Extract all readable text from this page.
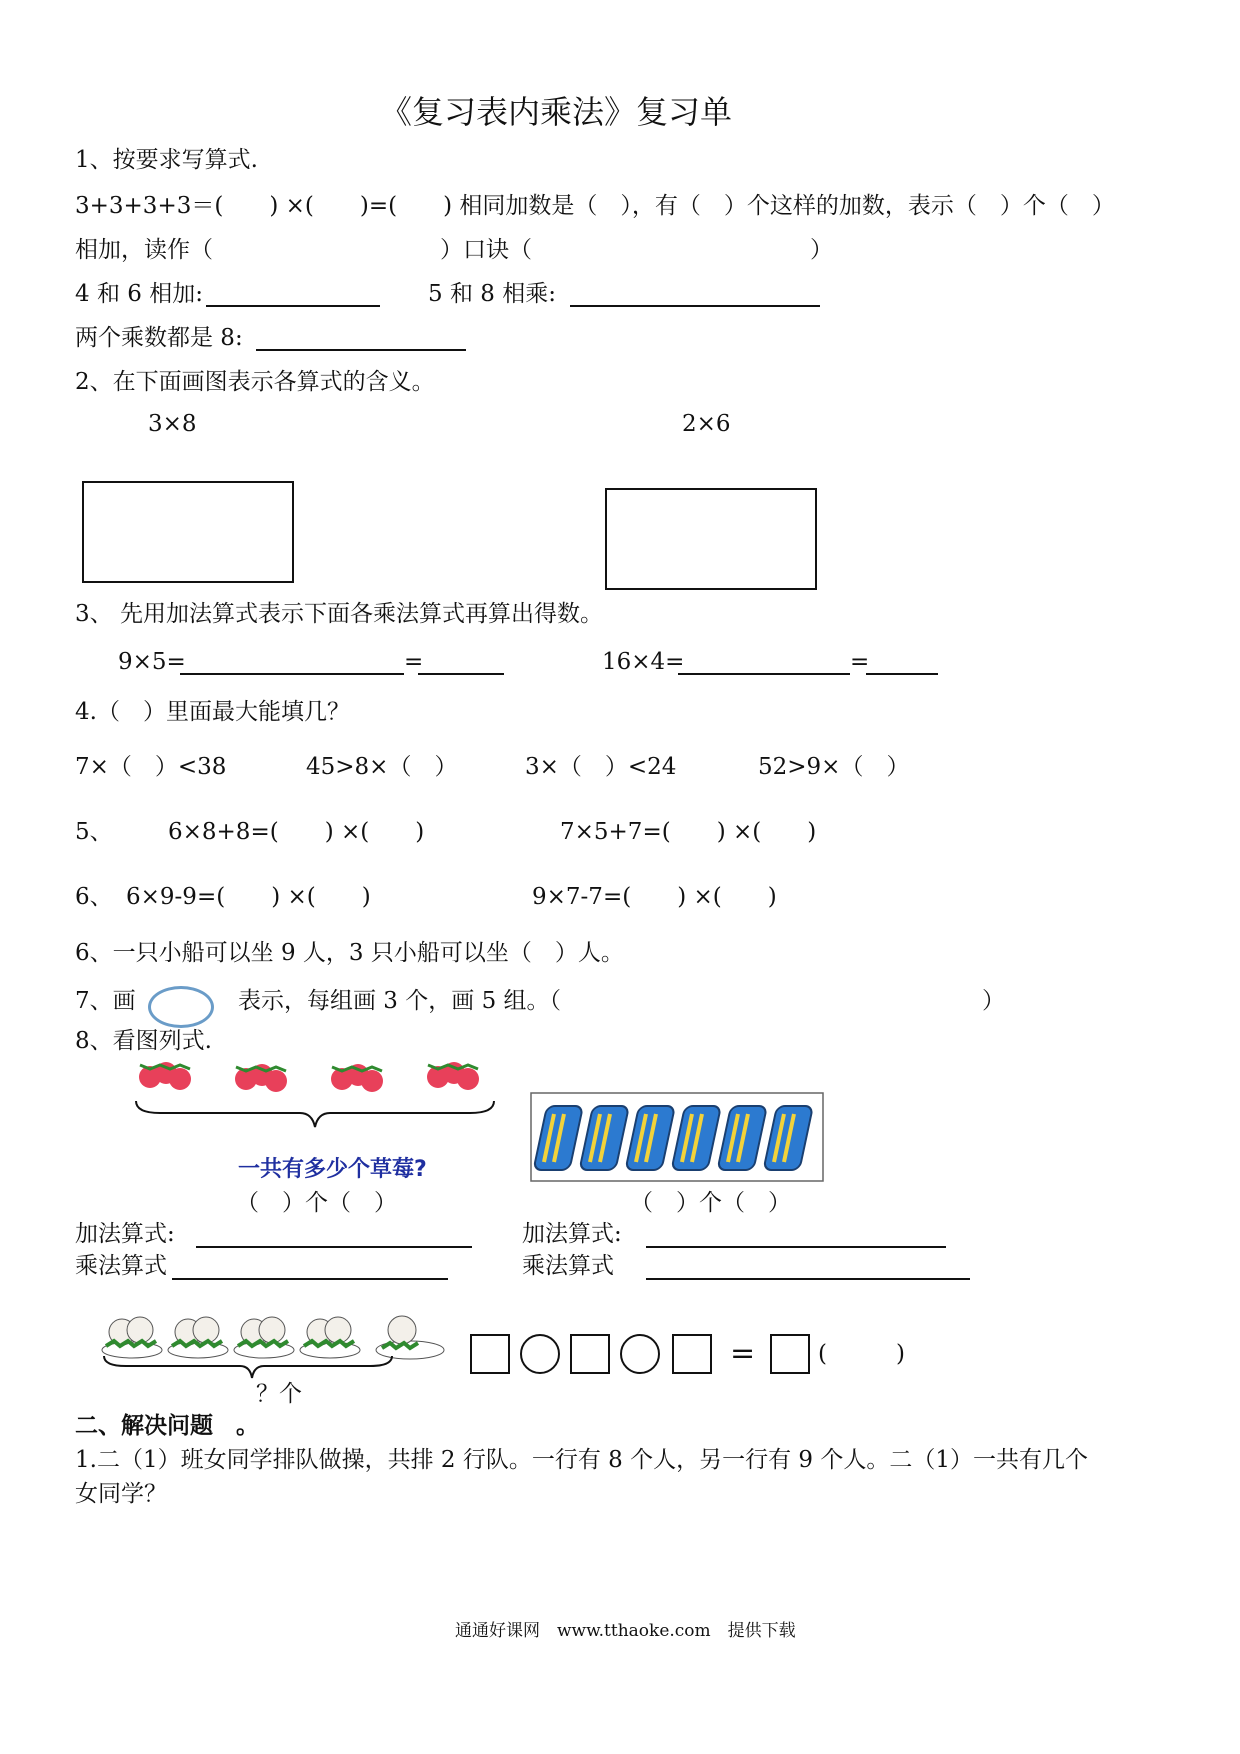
《复习表内乘法》复习单
1、按要求写算式.
3+3+3+3＝(　　) ×(　　)=(　　) 相同加数是（　），有（　）个这样的加数，表示（　）个（　）
相加，读作（	）口诀（	）
4 和 6 相加:	5 和 8 相乘:
两个乘数都是 8:
2、在下面画图表示各算式的含义。
3×8	2×6
3、 先用加法算式表示下面各乘法算式再算出得数。
9×5=	=	16×4=	=
4.（　）里面最大能填几？
7×（　）<38	45>8×（　）	3×（　）<24	52>9×（　）
5、 6×8+8=(　　) ×(　　)	7×5+7=(　　) ×(　　)
6、 6×9-9=(　　) ×(　　)	9×7-7=(　　) ×(　　)
6、一只小船可以坐 9 人，3 只小船可以坐（　）人。
7、画	表示，每组画 3 个，画 5 组。（	）
8、看图列式.
一共有多少个草莓?
（　）个（　）	（　）个（　）
加法算式:
乘法算式
加法算式:
乘法算式
？个
=	(　　　)
二、解决问题　。
1.二（1）班女同学排队做操，共排 2 行队。一行有 8 个人，另一行有 9 个人。二（1）一共有几个
女同学？
通通好课网　www.tthaoke.com　提供下载
